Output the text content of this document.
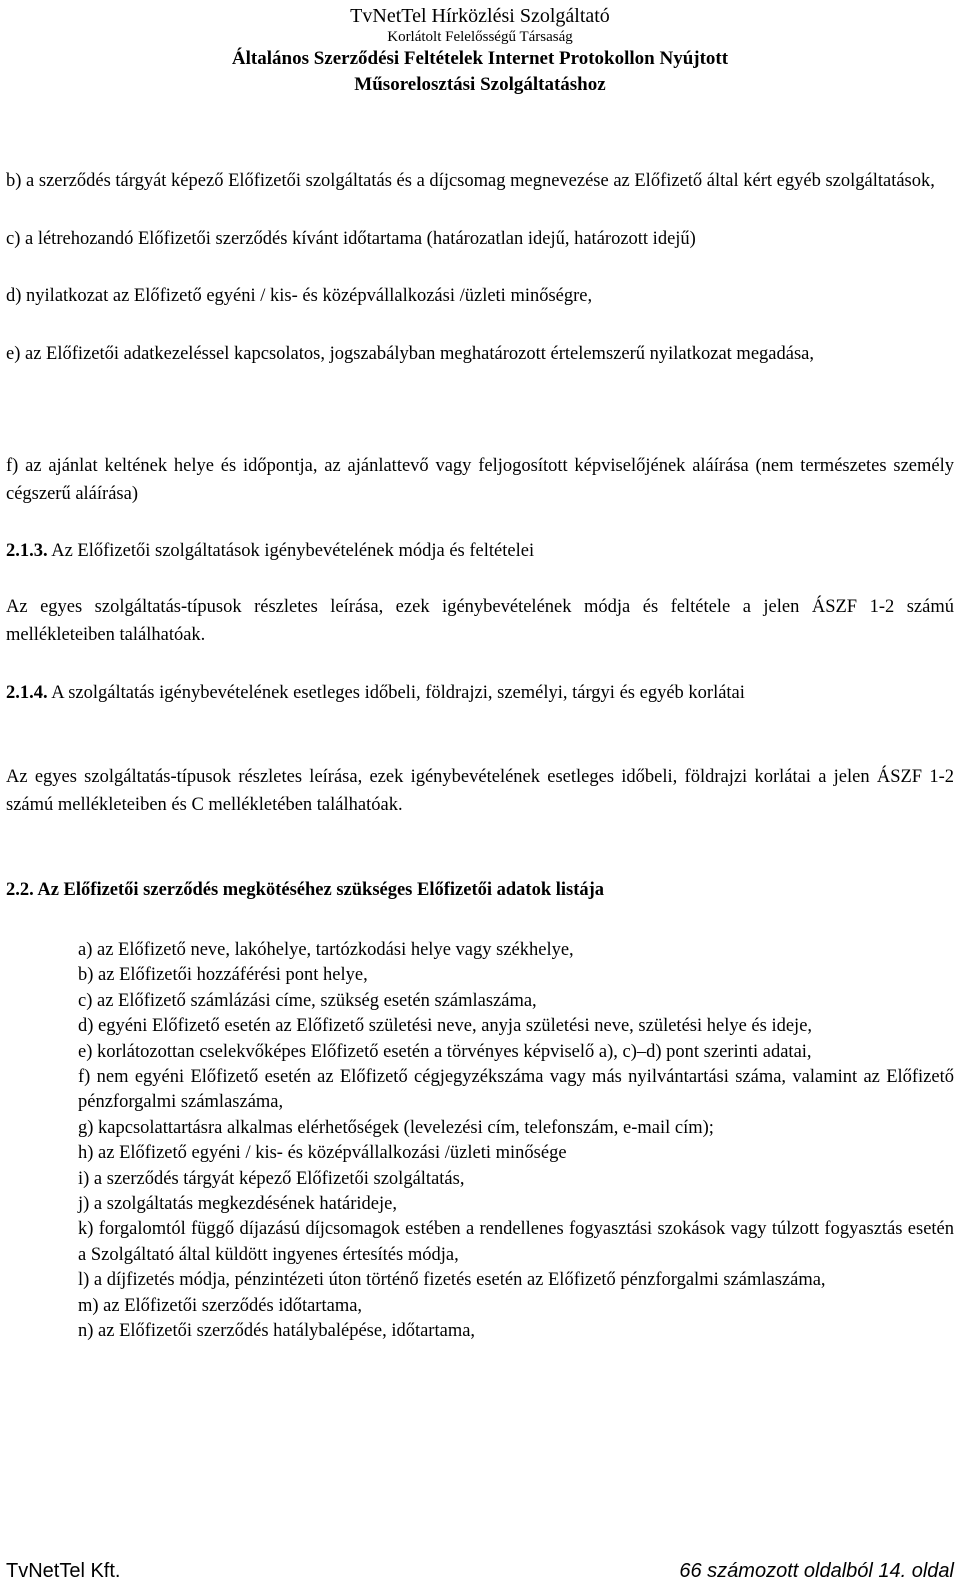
TvNetTel Hírközlési Szolgáltató
Korlátolt Felelősségű Társaság
Általános Szerződési Feltételek Internet Protokollon Nyújtott
Műsorelosztási Szolgáltatáshoz

b) a szerződés tárgyát képező Előfizetői szolgáltatás és a díjcsomag megnevezése az Előfizető által kért egyéb szolgáltatások,

c) a létrehozandó Előfizetői szerződés kívánt időtartama (határozatlan idejű, határozott idejű)

d) nyilatkozat az Előfizető egyéni / kis- és középvállalkozási /üzleti minőségre,

e) az Előfizetői adatkezeléssel kapcsolatos, jogszabályban meghatározott értelemszerű nyilatkozat megadása,

f) az ajánlat keltének helye és időpontja, az ajánlattevő vagy feljogosított képviselőjének aláírása (nem természetes személy cégszerű aláírása)

2.1.3. Az Előfizetői szolgáltatások igénybevételének módja és feltételei

Az egyes szolgáltatás-típusok részletes leírása, ezek igénybevételének módja és feltétele a jelen ÁSZF 1-2 számú mellékleteiben találhatóak.

2.1.4. A szolgáltatás igénybevételének esetleges időbeli, földrajzi, személyi, tárgyi és egyéb korlátai

Az egyes szolgáltatás-típusok részletes leírása, ezek igénybevételének esetleges időbeli, földrajzi korlátai a jelen ÁSZF 1-2 számú mellékleteiben és C mellékletében találhatóak.

2.2. Az Előfizetői szerződés megkötéséhez szükséges Előfizetői adatok listája

a) az Előfizető neve, lakóhelye, tartózkodási helye vagy székhelye,

b) az Előfizetői hozzáférési pont helye,

c) az Előfizető számlázási címe, szükség esetén számlaszáma,

d) egyéni Előfizető esetén az Előfizető születési neve, anyja születési neve, születési helye és ideje,

e) korlátozottan cselekvőképes Előfizető esetén a törvényes képviselő a), c)–d) pont szerinti adatai,

f) nem egyéni Előfizető esetén az Előfizető cégjegyzékszáma vagy más nyilvántartási száma, valamint az Előfizető pénzforgalmi számlaszáma,

g) kapcsolattartásra alkalmas elérhetőségek (levelezési cím, telefonszám, e-mail cím);

h) az Előfizető egyéni / kis- és középvállalkozási /üzleti minősége

i) a szerződés tárgyát képező Előfizetői szolgáltatás,

j) a szolgáltatás megkezdésének határideje,

k) forgalomtól függő díjazású díjcsomagok estében a rendellenes fogyasztási szokások vagy túlzott fogyasztás esetén a Szolgáltató által küldött ingyenes értesítés módja,

l) a díjfizetés módja, pénzintézeti úton történő fizetés esetén az Előfizető pénzforgalmi számlaszáma,

m) az Előfizetői szerződés időtartama,

n) az Előfizetői szerződés hatálybalépése, időtartama,

TvNetTel Kft.	66 számozott oldalból 14. oldal
